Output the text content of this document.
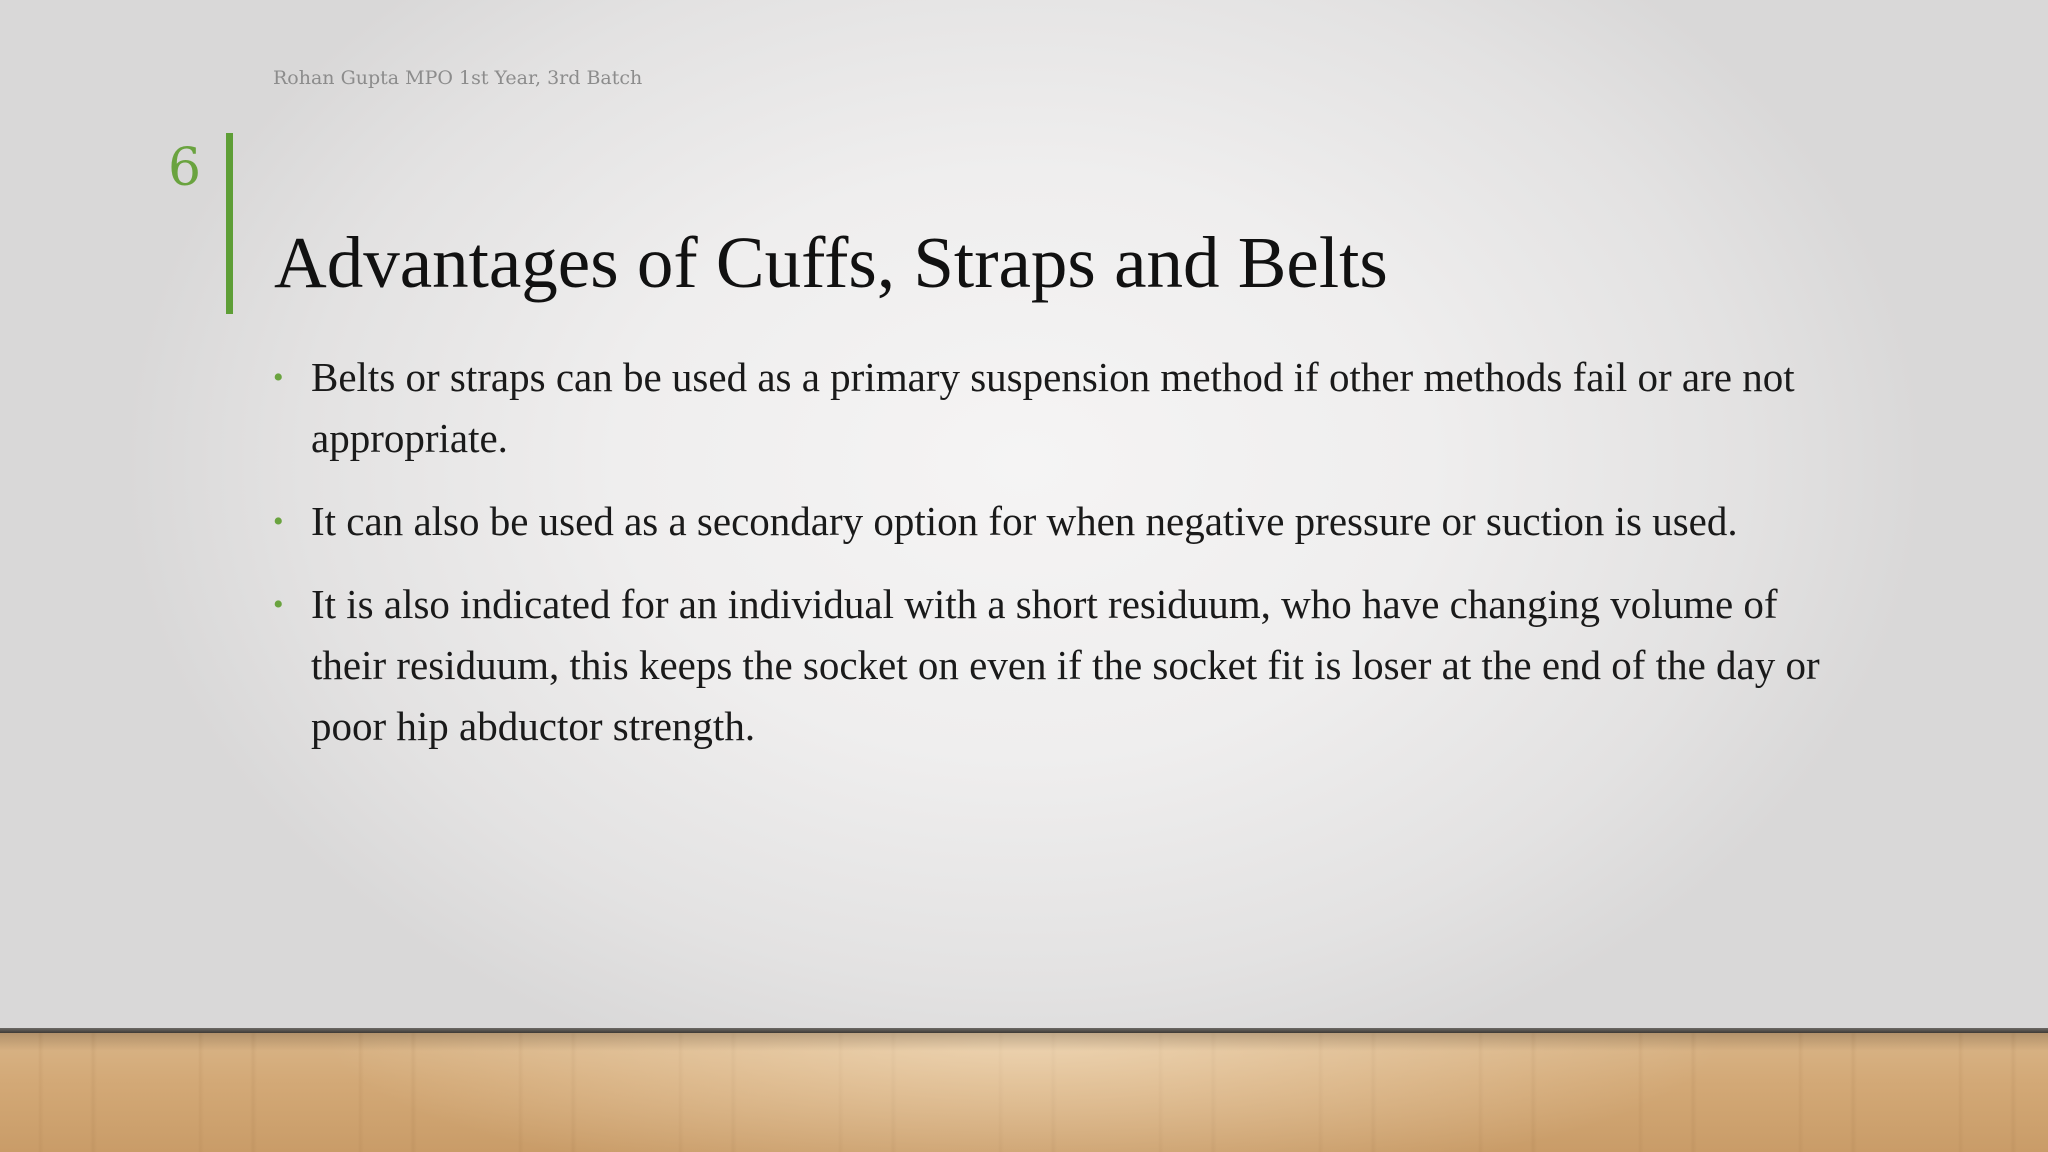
Rohan Gupta MPO 1st Year, 3rd Batch
6
Advantages of Cuffs, Straps and Belts
• Belts or straps can be used as a primary suspension method if other methods fail or are not appropriate.
• It can also be used as a secondary option for when negative pressure or suction is used.
• It is also indicated for an individual with a short residuum, who have changing volume of their residuum, this keeps the socket on even if the socket fit is loser at the end of the day or poor hip abductor strength.
